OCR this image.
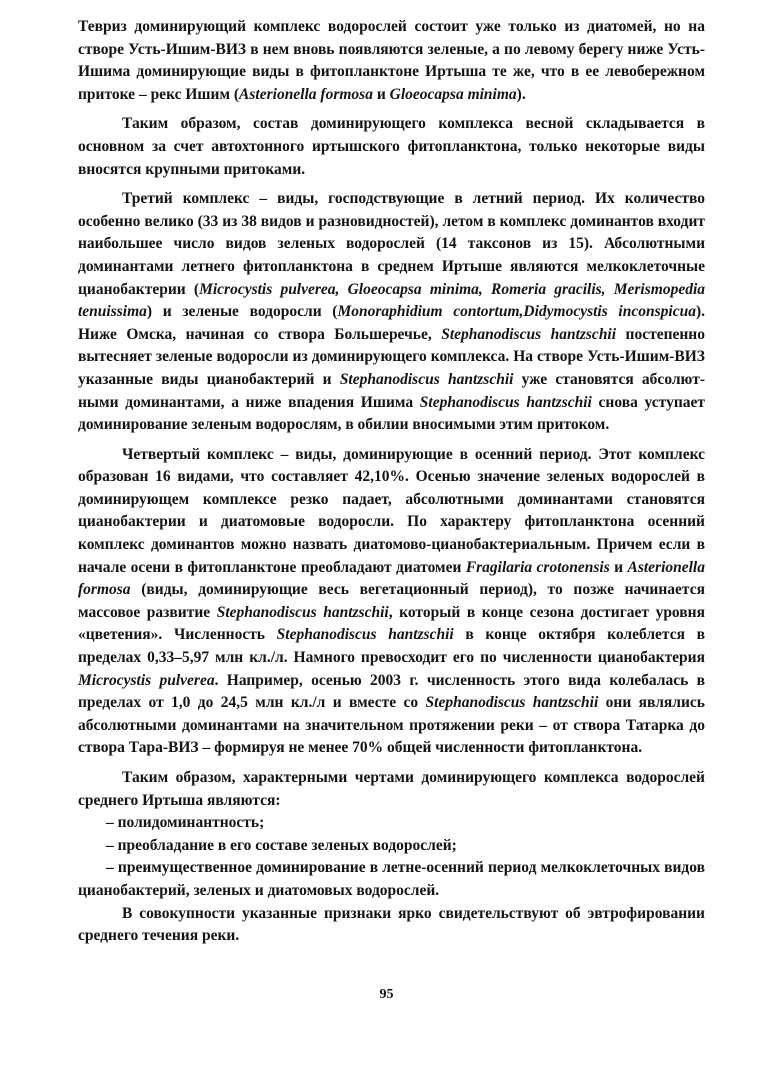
Тевриз доминирующий комплекс водорослей состоит уже только из диатомей, но на створе Усть-Ишим-ВИЗ в нем вновь появляются зеленые, а по левому берегу ниже Усть-Ишима доминирующие виды в фитопланктоне Иртыша те же, что в ее левобережном притоке – рекс Ишим (Asterionella formosa и Gloeocapsa minima).

Таким образом, состав доминирующего комплекса весной складывается в основном за счет автохтонного иртышского фитопланктона, только некоторые виды вносятся крупными притоками.

Третий комплекс – виды, господствующие в летний период. Их количество особенно велико (33 из 38 видов и разновидностей), летом в комплекс доминантов входит наибольшее число видов зеленых водорослей (14 таксонов из 15). Абсолютными доминантами летнего фитопланктона в среднем Иртыше являются мелкоклеточные цианобактерии (Microcystis pulverea, Gloeocapsa minima, Romeria gracilis, Merismopedia tenuissima) и зеленые водоросли (Monoraphidium contortum,Didymocystis inconspicua). Ниже Омска, начиная со створа Большеречье, Stephanodiscus hantzschii постепенно вытесняет зеленые водоросли из доминирующего комплекса. На створе Усть-Ишим-ВИЗ указанные виды цианобактерий и Stephanodiscus hantzschii уже становятся абсолютными доминантами, а ниже впадения Ишима Stephanodiscus hantzschii снова уступает доминирование зеленым водорослям, в обилии вносимыми этим притоком.

Четвертый комплекс – виды, доминирующие в осенний период. Этот комплекс образован 16 видами, что составляет 42,10%. Осенью значение зеленых водорослей в доминирующем комплексе резко падает, абсолютными доминантами становятся цианобактерии и диатомовые водоросли. По характеру фитопланктона осенний комплекс доминантов можно назвать диатомово-цианобактериальным. Причем если в начале осени в фитопланктоне преобладают диатомеи Fragilaria crotonensis и Asterionella formosa (виды, доминирующие весь вегетационный период), то позже начинается массовое развитие Stephanodiscus hantzschii, который в конце сезона достигает уровня «цветения». Численность Stephanodiscus hantzschii в конце октября колеблется в пределах 0,33–5,97 млн кл./л. Намного превосходит его по численности цианобактерия Microcystis pulverea. Например, осенью 2003 г. численность этого вида колебалась в пределах от 1,0 до 24,5 млн кл./л и вместе со Stephanodiscus hantzschii они являлись абсолютными доминантами на значительном протяжении реки – от створа Татарка до створа Тара-ВИЗ – формируя не менее 70% общей численности фитопланктона.

Таким образом, характерными чертами доминирующего комплекса водорослей среднего Иртыша являются:

– полидоминантность;
– преобладание в его составе зеленых водорослей;
– преимущественное доминирование в летне-осенний период мелкоклеточных видов цианобактерий, зеленых и диатомовых водорослей.

В совокупности указанные признаки ярко свидетельствуют об эвтрофировании среднего течения реки.

95
